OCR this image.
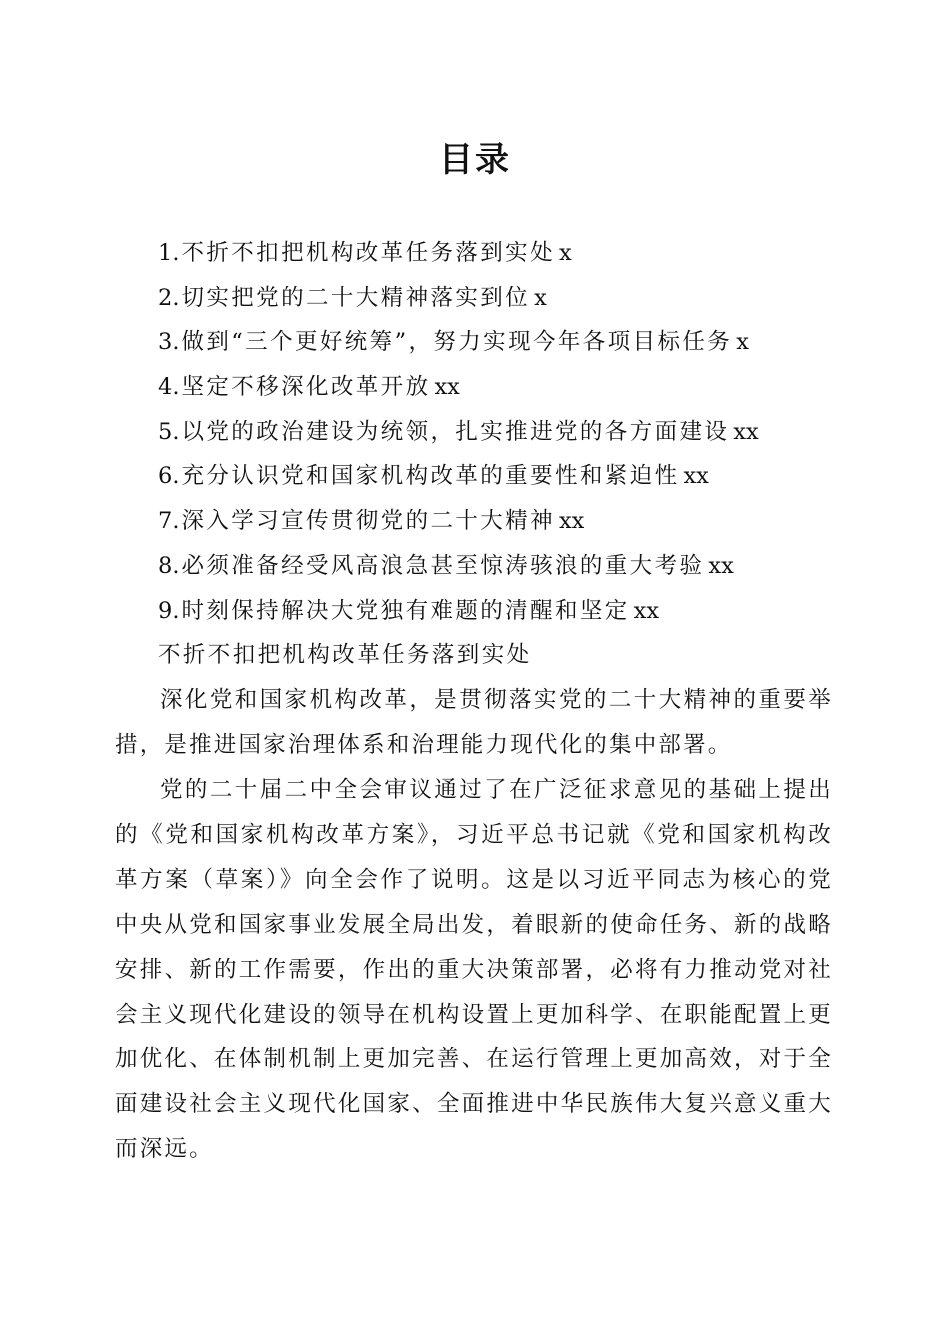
目录
1.不折不扣把机构改革任务落到实处 x
2.切实把党的二十大精神落实到位 x
3.做到“三个更好统筹”，努力实现今年各项目标任务 x
4.坚定不移深化改革开放 xx
5.以党的政治建设为统领，扎实推进党的各方面建设 xx
6.充分认识党和国家机构改革的重要性和紧迫性 xx
7.深入学习宣传贯彻党的二十大精神 xx
8.必须准备经受风高浪急甚至惊涛骇浪的重大考验 xx
9.时刻保持解决大党独有难题的清醒和坚定 xx
不折不扣把机构改革任务落到实处

深化党和国家机构改革，是贯彻落实党的二十大精神的重要举措，是推进国家治理体系和治理能力现代化的集中部署。

党的二十届二中全会审议通过了在广泛征求意见的基础上提出的《党和国家机构改革方案》，习近平总书记就《党和国家机构改革方案（草案）》向全会作了说明。这是以习近平同志为核心的党中央从党和国家事业发展全局出发，着眼新的使命任务、新的战略安排、新的工作需要，作出的重大决策部署，必将有力推动党对社会主义现代化建设的领导在机构设置上更加科学、在职能配置上更加优化、在体制机制上更加完善、在运行管理上更加高效，对于全面建设社会主义现代化国家、全面推进中华民族伟大复兴意义重大而深远。
